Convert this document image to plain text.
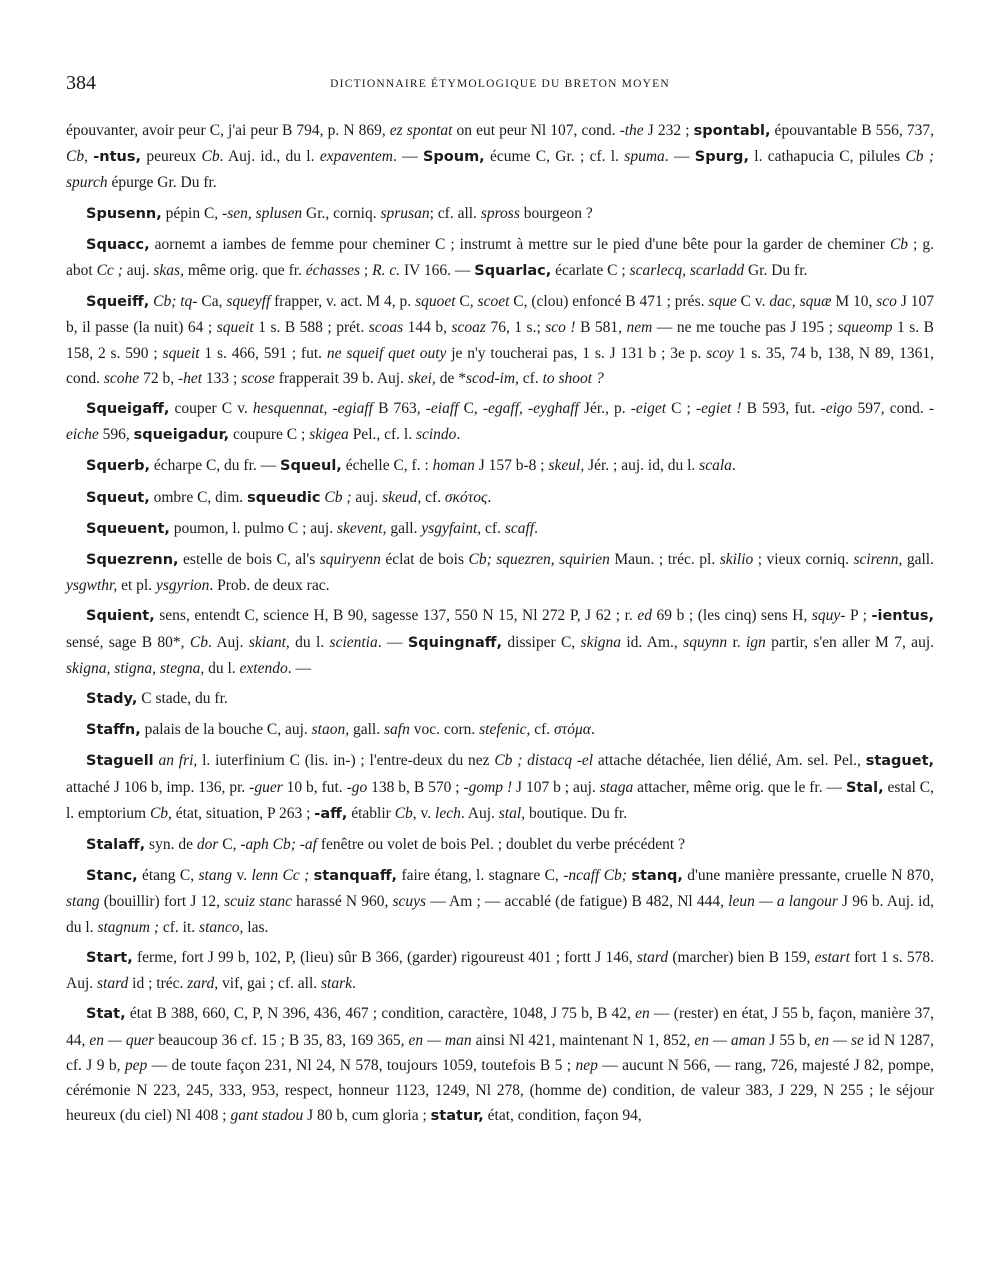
384	DICTIONNAIRE ÉTYMOLOGIQUE DU BRETON MOYEN

épouvanter, avoir peur C, j'ai peur B 794, p. N 869, ez spontat on eut peur Nl 107, cond. -the J 232 ; spontabl, épouvantable B 556, 737, Cb, -ntus, peureux Cb. Auj. id., du l. expaventem. — Spoum, écume C, Gr. ; cf. l. spuma. — Spurg, l. cathapucia C, pilules Cb ; spurch épurge Gr. Du fr.

Spusenn, pépin C, -sen, splusen Gr., corniq. sprusan; cf. all. spross bourgeon ?

Squacc, aornemt a iambes de femme pour cheminer C ; instrumt à mettre sur le pied d'une bête pour la garder de cheminer Cb ; g. abot Cc ; auj. skas, même orig. que fr. échasses ; R. c. IV 166. — Squarlac, écarlate C ; scarlecq, scarladd Gr. Du fr.

Squeiff, Cb; tq- Ca, squeyff frapper, v. act. M 4, p. squoet C, scoet C, (clou) enfoncé B 471 ; prés. sque C v. dac, squæ M 10, sco J 107 b, il passe (la nuit) 64 ; squeit 1 s. B 588 ; prét. scoas 144 b, scoaz 76, 1 s.; sco ! B 581, nem — ne me touche pas J 195 ; squeomp 1 s. B 158, 2 s. 590 ; squeit 1 s. 466, 591 ; fut. ne squeif quet outy je n'y toucherai pas, 1 s. J 131 b ; 3e p. scoy 1 s. 35, 74 b, 138, N 89, 1361, cond. scohe 72 b, -het 133 ; scose frapperait 39 b. Auj. skei, de *scod-im, cf. to shoot ?

Squeigaff, couper C v. hesquennat, -egiaff B 763, -eiaff C, -egaff, -eyghaff Jér., p. -eiget C ; -egiet ! B 593, fut. -eigo 597, cond. -eiche 596, squeigadur, coupure C ; skigea Pel., cf. l. scindo.

Squerb, écharpe C, du fr. — Squeul, échelle C, f. : homan J 157 b-8 ; skeul, Jér. ; auj. id, du l. scala.

Squeut, ombre C, dim. squeudic Cb ; auj. skeud, cf. σκότος.

Squeuent, poumon, l. pulmo C ; auj. skevent, gall. ysgyfaint, cf. scaff.

Squezrenn, estelle de bois C, al's squiryenn éclat de bois Cb; squezren, squirien Maun. ; tréc. pl. skilio ; vieux corniq. scirenn, gall. ysgwthr, et pl. ysgyrion. Prob. de deux rac.

Squient, sens, entendt C, science H, B 90, sagesse 137, 550 N 15, Nl 272 P, J 62 ; r. ed 69 b ; (les cinq) sens H, squy- P ; -ientus, sensé, sage B 80*, Cb. Auj. skiant, du l. scientia. — Squingnaff, dissiper C, skigna id. Am., squynn r. ign partir, s'en aller M 7, auj. skigna, stigna, stegna, du l. extendo. —

Stady, C stade, du fr.

Staffn, palais de la bouche C, auj. staon, gall. safn voc. corn. stefenic, cf. στόμα.

Staguell an fri, l. iuterfinium C (lis. in-) ; l'entre-deux du nez Cb ; distacq -el attache détachée, lien délié, Am. sel. Pel., staguet, attaché J 106 b, imp. 136, pr. -guer 10 b, fut. -go 138 b, B 570 ; -gomp ! J 107 b ; auj. staga attacher, même orig. que le fr. — Stal, estal C, l. emptorium Cb, état, situation, P 263 ; -aff, établir Cb, v. lech. Auj. stal, boutique. Du fr.

Stalaff, syn. de dor C, -aph Cb; -af fenêtre ou volet de bois Pel. ; doublet du verbe précédent ?

Stanc, étang C, stang v. lenn Cc ; stanquaff, faire étang, l. stagnare C, -ncaff Cb; stanq, d'une manière pressante, cruelle N 870, stang (bouillir) fort J 12, scuiz stanc harassé N 960, scuys — Am ; — accablé (de fatigue) B 482, Nl 444, leun — a langour J 96 b. Auj. id, du l. stagnum ; cf. it. stanco, las.

Start, ferme, fort J 99 b, 102, P, (lieu) sûr B 366, (garder) rigoureust 401 ; fortt J 146, stard (marcher) bien B 159, estart fort 1 s. 578. Auj. stard id ; tréc. zard, vif, gai ; cf. all. stark.

Stat, état B 388, 660, C, P, N 396, 436, 467 ; condition, caractère, 1048, J 75 b, B 42, en — (rester) en état, J 55 b, façon, manière 37, 44, en — quer beaucoup 36 cf. 15 ; B 35, 83, 169 365, en — man ainsi Nl 421, maintenant N 1, 852, en — aman J 55 b, en — se id N 1287, cf. J 9 b, pep — de toute façon 231, Nl 24, N 578, toujours 1059, toutefois B 5 ; nep — aucunt N 566, — rang, 726, majesté J 82, pompe, cérémonie N 223, 245, 333, 953, respect, honneur 1123, 1249, Nl 278, (homme de) condition, de valeur 383, J 229, N 255 ; le séjour heureux (du ciel) Nl 408 ; gant stadou J 80 b, cum gloria ; statur, état, condition, façon 94,
